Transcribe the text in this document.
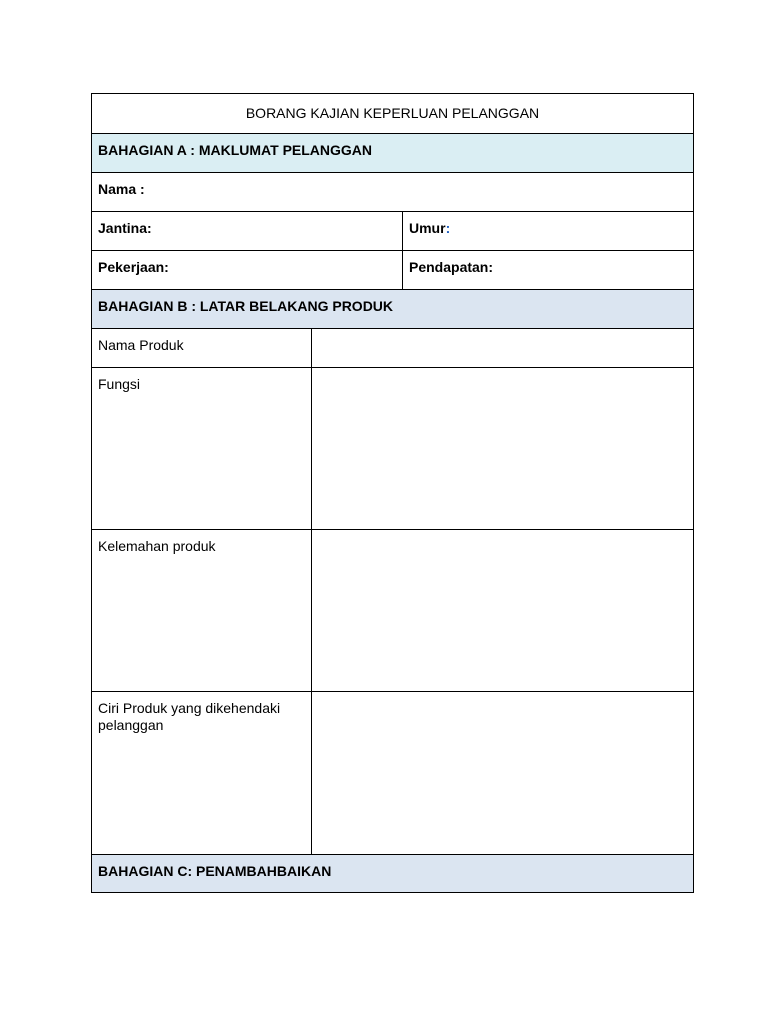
BORANG KAJIAN KEPERLUAN PELANGGAN
BAHAGIAN A : MAKLUMAT PELANGGAN
Nama :
Jantina:	Umur:
Pekerjaan:	Pendapatan:
BAHAGIAN B : LATAR BELAKANG PRODUK
Nama Produk
Fungsi
Kelemahan produk
Ciri Produk yang dikehendaki pelanggan
BAHAGIAN C: PENAMBAHBAIKAN
